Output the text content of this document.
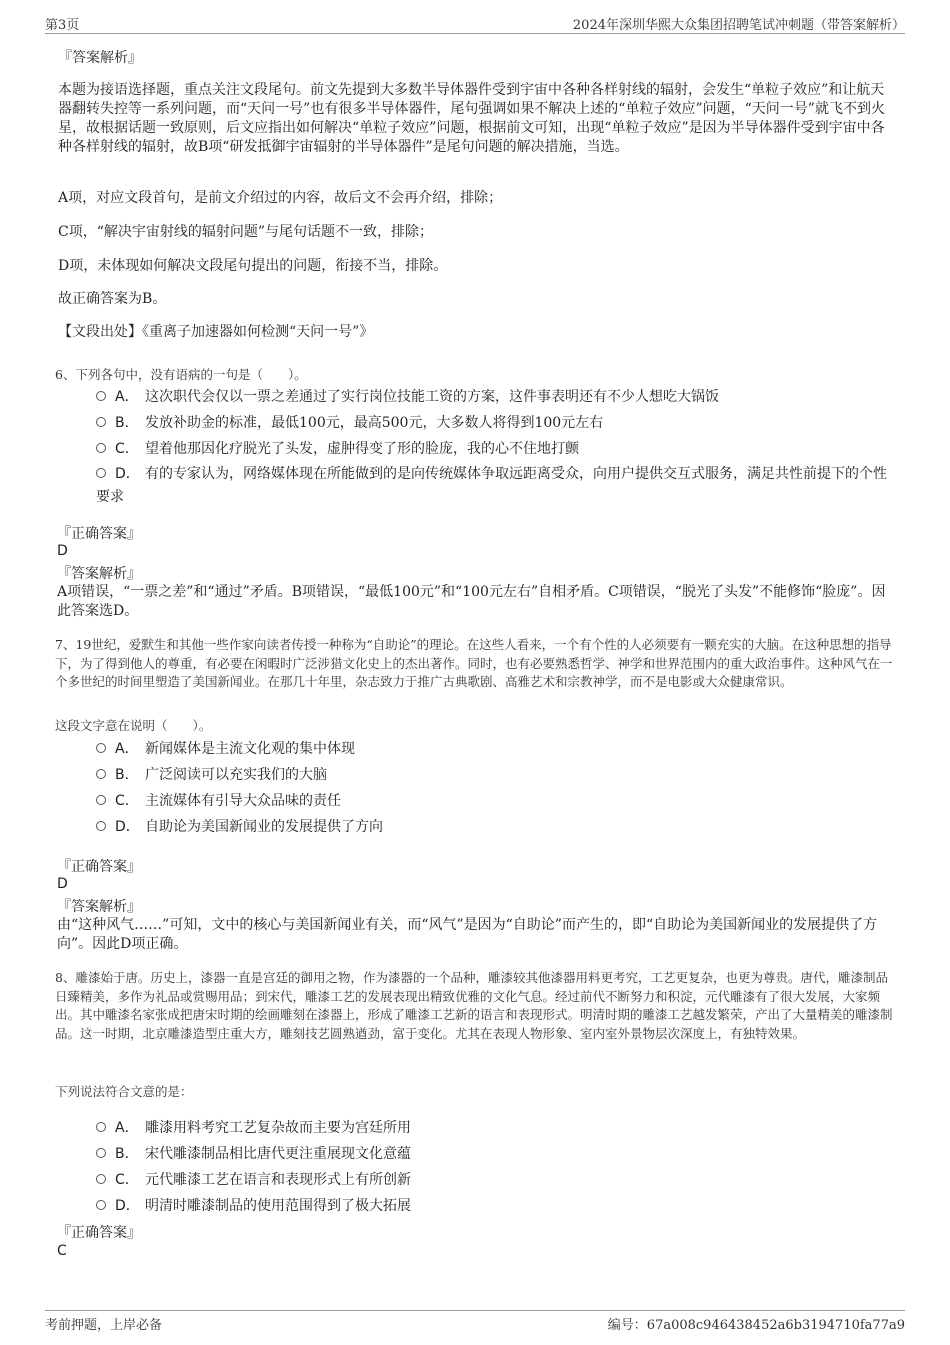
第3页	2024年深圳华熙大众集团招聘笔试冲刺题（带答案解析）
『答案解析』

本题为接语选择题，重点关注文段尾句。前文先提到大多数半导体器件受到宇宙中各种各样射线的辐射，会发生“单粒子效应”和让航天器翻转失控等一系列问题，而“天问一号”也有很多半导体器件，尾句强调如果不解决上述的“单粒子效应”问题，“天问一号”就飞不到火星，故根据话题一致原则，后文应指出如何解决“单粒子效应”问题，根据前文可知，出现“单粒子效应”是因为半导体器件受到宇宙中各种各样射线的辐射，故B项“研发抵御宇宙辐射的半导体器件”是尾句问题的解决措施，当选。

A项，对应文段首句，是前文介绍过的内容，故后文不会再介绍，排除；

C项，“解决宇宙射线的辐射问题”与尾句话题不一致，排除；

D项，未体现如何解决文段尾句提出的问题，衔接不当，排除。

故正确答案为B。

【文段出处】《重离子加速器如何检测“天问一号”》

6、下列各句中，没有语病的一句是（　　）。
A． 这次职代会仅以一票之差通过了实行岗位技能工资的方案，这件事表明还有不少人想吃大锅饭
B． 发放补助金的标准，最低100元，最高500元，大多数人将得到100元左右
C． 望着他那因化疗脱光了头发，虚肿得变了形的脸庞，我的心不住地打颤
D． 有的专家认为，网络媒体现在所能做到的是向传统媒体争取远距离受众，向用户提供交互式服务，满足共性前提下的个性要求
『正确答案』
D
『答案解析』
A项错误，“一票之差”和“通过”矛盾。B项错误，“最低100元”和“100元左右”自相矛盾。C项错误，“脱光了头发”不能修饰“脸庞”。因此答案选D。
7、19世纪，爱默生和其他一些作家向读者传授一种称为“自助论”的理论。在这些人看来，一个有个性的人必须要有一颗充实的大脑。在这种思想的指导下，为了得到他人的尊重，有必要在闲暇时广泛涉猎文化史上的杰出著作。同时，也有必要熟悉哲学、神学和世界范围内的重大政治事件。这种风气在一个多世纪的时间里塑造了美国新闻业。在那几十年里，杂志致力于推广古典歌剧、高雅艺术和宗教神学，而不是电影或大众健康常识。
这段文字意在说明（　　）。
A． 新闻媒体是主流文化观的集中体现
B． 广泛阅读可以充实我们的大脑
C． 主流媒体有引导大众品味的责任
D． 自助论为美国新闻业的发展提供了方向
『正确答案』
D
『答案解析』
由“这种风气……”可知，文中的核心与美国新闻业有关，而“风气”是因为“自助论”而产生的，即“自助论为美国新闻业的发展提供了方向”。因此D项正确。
8、雕漆始于唐。历史上，漆器一直是宫廷的御用之物，作为漆器的一个品种，雕漆较其他漆器用料更考究，工艺更复杂，也更为尊贵。唐代，雕漆制品日臻精美，多作为礼品或赏赐用品；到宋代，雕漆工艺的发展表现出精致优雅的文化气息。经过前代不断努力和积淀，元代雕漆有了很大发展，大家频出。其中雕漆名家张成把唐宋时期的绘画雕刻在漆器上，形成了雕漆工艺新的语言和表现形式。明清时期的雕漆工艺越发繁荣，产出了大量精美的雕漆制品。这一时期，北京雕漆造型庄重大方，雕刻技艺圆熟遒劲，富于变化。尤其在表现人物形象、室内室外景物层次深度上，有独特效果。
下列说法符合文意的是：
A． 雕漆用料考究工艺复杂故而主要为宫廷所用
B． 宋代雕漆制品相比唐代更注重展现文化意蕴
C． 元代雕漆工艺在语言和表现形式上有所创新
D． 明清时雕漆制品的使用范围得到了极大拓展
『正确答案』
C
考前押题，上岸必备	编号：67a008c946438452a6b3194710fa77a9
